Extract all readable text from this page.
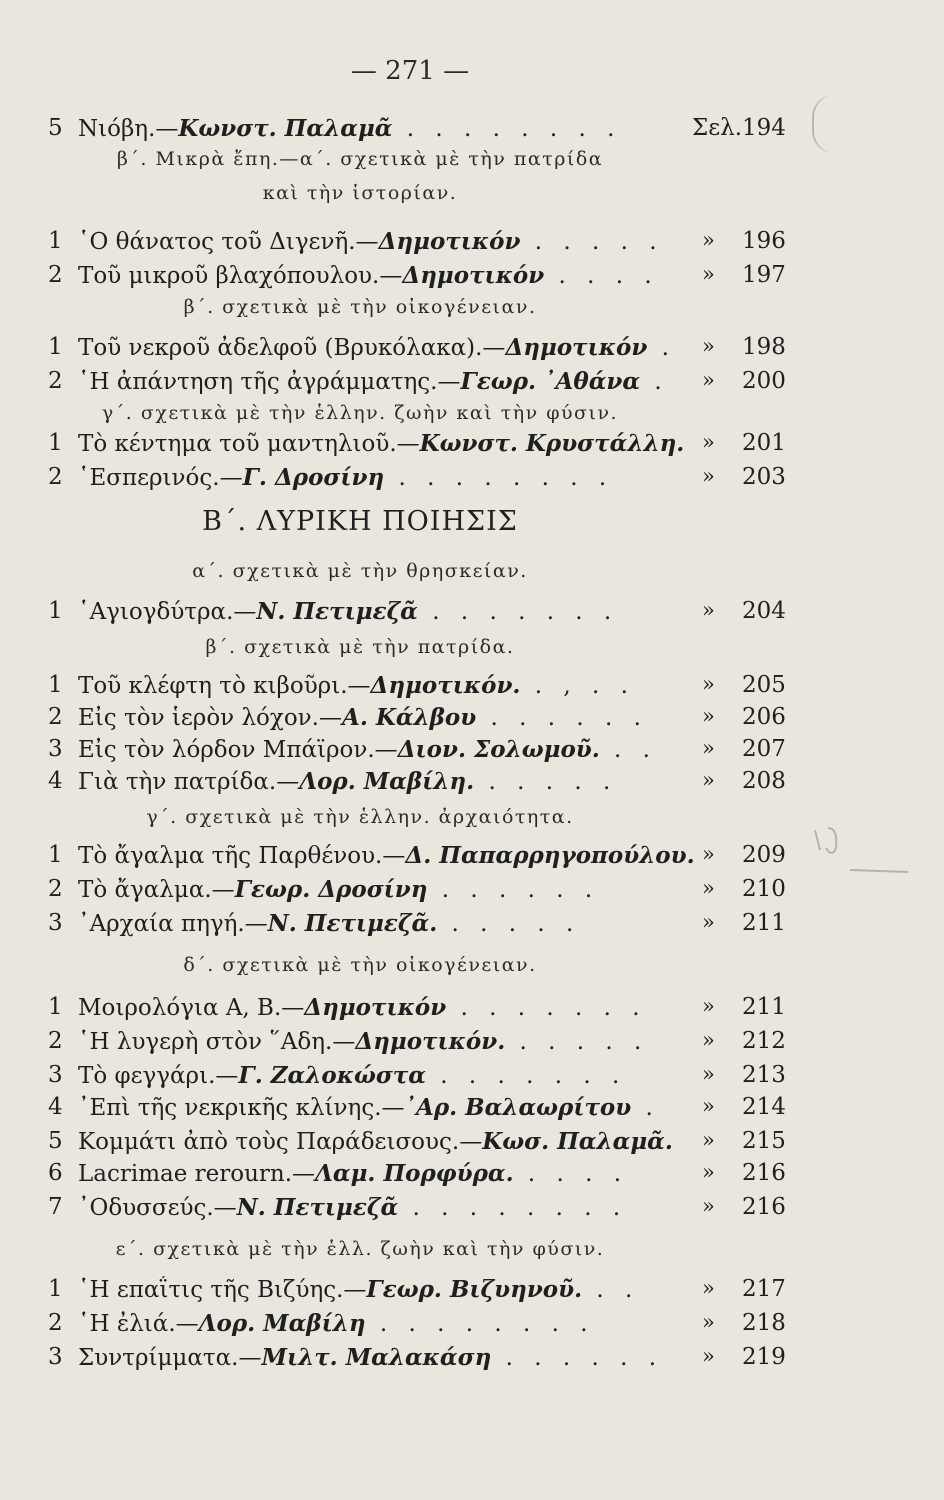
— 271 —
5 Νιόβη.—Κωνστ. Παλαμᾶ . . . . . . . .	Σελ. 194
β΄. Μικρὰ ἔπη.—α΄. σχετικὰ μὲ τὴν πατρίδα
καὶ τὴν ἱστορίαν.
1 ῾Ο θάνατος τοῦ Διγενῆ.—Δημοτικόν . . . . .	» 196
2 Τοῦ μικροῦ βλαχόπουλου.—Δημοτικόν . . . .	» 197
β΄. σχετικὰ μὲ τὴν οἰκογένειαν.
1 Τοῦ νεκροῦ ἀδελφοῦ (Βρυκόλακα).—Δημοτικόν .	» 198
2 ῾Η ἀπάντηση τῆς ἀγράμματης.—Γεωρ. ᾿Αθάνα .	» 200
γ΄. σχετικὰ μὲ τὴν ἑλλην. ζωὴν καὶ τὴν φύσιν.
1 Τὸ κέντημα τοῦ μαντηλιοῦ.—Κωνστ. Κρυστάλλη. » 201
2 ῾Εσπερινός.—Γ. Δροσίνη . . . . . . . .	» 203
Β΄. ΛΥΡΙΚΗ ΠΟΙΗΣΙΣ
α΄. σχετικὰ μὲ τὴν θρησκείαν.
1 ῾Αγιογδύτρα.—Ν. Πετιμεζᾶ . . . . . . .	» 204
β΄. σχετικὰ μὲ τὴν πατρίδα.
1 Τοῦ κλέφτη τὸ κιβοῦρι.—Δημοτικόν. . , . .	» 205
2 Εἰς τὸν ἱερὸν λόχον.—Α. Κάλβου . . . . . .	» 206
3 Εἰς τὸν λόρδον Μπάϊρον.—Διον. Σολωμοῦ. . .	» 207
4 Γιὰ τὴν πατρίδα.—Λορ. Μαβίλη. . . . . .	» 208
γ΄. σχετικὰ μὲ τὴν ἑλλην. ἀρχαιότητα.
1 Τὸ ἄγαλμα τῆς Παρθένου.—Δ. Παπαρρηγοπούλου. » 209
2 Τὸ ἄγαλμα.—Γεωρ. Δροσίνη . . . . . .	» 210
3 ᾿Αρχαία πηγή.—Ν. Πετιμεζᾶ. . . . . .	» 211
δ΄. σχετικὰ μὲ τὴν οἰκογένειαν.
1 Μοιρολόγια Α, Β.—Δημοτικόν . . . . . . .	» 211
2 ῾Η λυγερὴ στὸν ῞Αδη.—Δημοτικόν. . . . . .	» 212
3 Τὸ φεγγάρι.—Γ. Ζαλοκώστα . . . . . . .	» 213
4 ᾿Επὶ τῆς νεκρικῆς κλίνης.—᾿Αρ. Βαλαωρίτου .	» 214
5 Κομμάτι ἀπὸ τοὺς Παράδεισους.—Κωσ. Παλαμᾶ.	» 215
6 Lacrimae rerourn.—Λαμ. Πορφύρα. . . . .	» 216
7 ᾿Οδυσσεύς.—Ν. Πετιμεζᾶ . . . . . . . .	» 216
ε΄. σχετικὰ μὲ τὴν ἑλλ. ζωὴν καὶ τὴν φύσιν.
1 ῾Η επαΐτις τῆς Βιζύης.—Γεωρ. Βιζυηνοῦ. . .	» 217
2 ῾Η ἐλιά.—Λορ. Μαβίλη . . . . . . . .	» 218
3 Συντρίμματα.—Μιλτ. Μαλακάση . . . . . .	» 219
